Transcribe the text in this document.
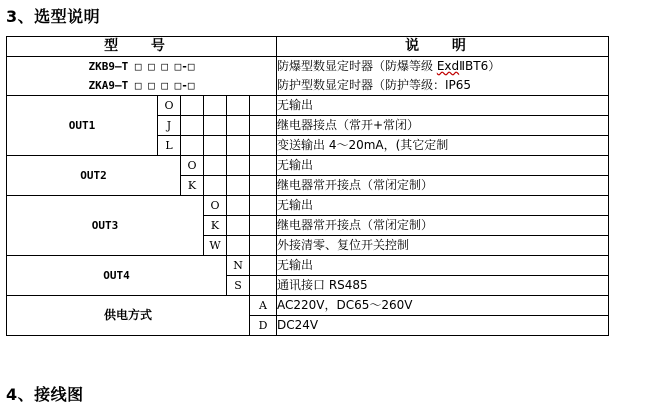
3、选型说明
型 号						说 明
ZKB9—T □ □ □ □-□						防爆型数显定时器（防爆等级 ExdⅡBT6）
ZKA9—T □ □ □ □-□						防护型数显定时器（防护等级：IP65
OUT1	O					无输出
	J					继电器接点（常开+常闭）
	L					变送输出 4～20mA，(其它定制
OUT2		O				无输出
		K				继电器常开接点（常闭定制）
OUT3			O			无输出
			K			继电器常开接点（常闭定制）
			W			外接清零、复位开关控制
OUT4				N		无输出
				S		通讯接口 RS485
供电方式					A	AC220V，DC65～260V
					D	DC24V
4、接线图
